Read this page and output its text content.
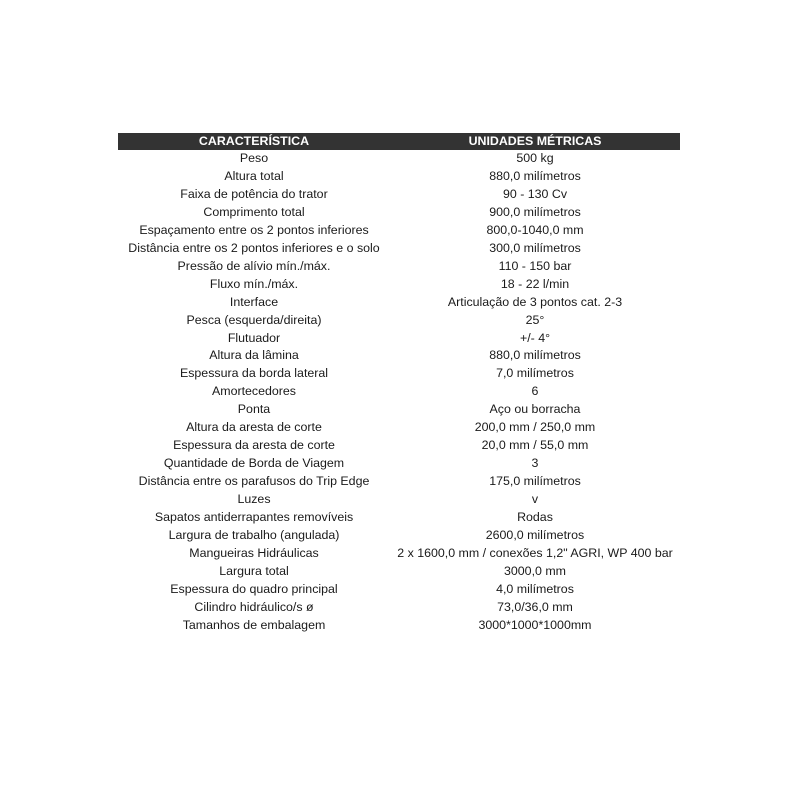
CARACTERÍSTICA	UNIDADES MÉTRICAS
Peso	500 kg
Altura total	880,0 milímetros
Faixa de potência do trator	90 - 130 Cv
Comprimento total	900,0 milímetros
Espaçamento entre os 2 pontos inferiores	800,0-1040,0 mm
Distância entre os 2 pontos inferiores e o solo	300,0 milímetros
Pressão de alívio mín./máx.	110 - 150 bar
Fluxo mín./máx.	18 - 22 l/min
Interface	Articulação de 3 pontos cat. 2-3
Pesca (esquerda/direita)	25°
Flutuador	+/- 4°
Altura da lâmina	880,0 milímetros
Espessura da borda lateral	7,0 milímetros
Amortecedores	6
Ponta	Aço ou borracha
Altura da aresta de corte	200,0 mm / 250,0 mm
Espessura da aresta de corte	20,0 mm / 55,0 mm
Quantidade de Borda de Viagem	3
Distância entre os parafusos do Trip Edge	175,0 milímetros
Luzes	v
Sapatos antiderrapantes removíveis	Rodas
Largura de trabalho (angulada)	2600,0 milímetros
Mangueiras Hidráulicas	2 x 1600,0 mm / conexões 1,2" AGRI, WP 400 bar
Largura total	3000,0 mm
Espessura do quadro principal	4,0 milímetros
Cilindro hidráulico/s ø	73,0/36,0 mm
Tamanhos de embalagem	3000*1000*1000mm
